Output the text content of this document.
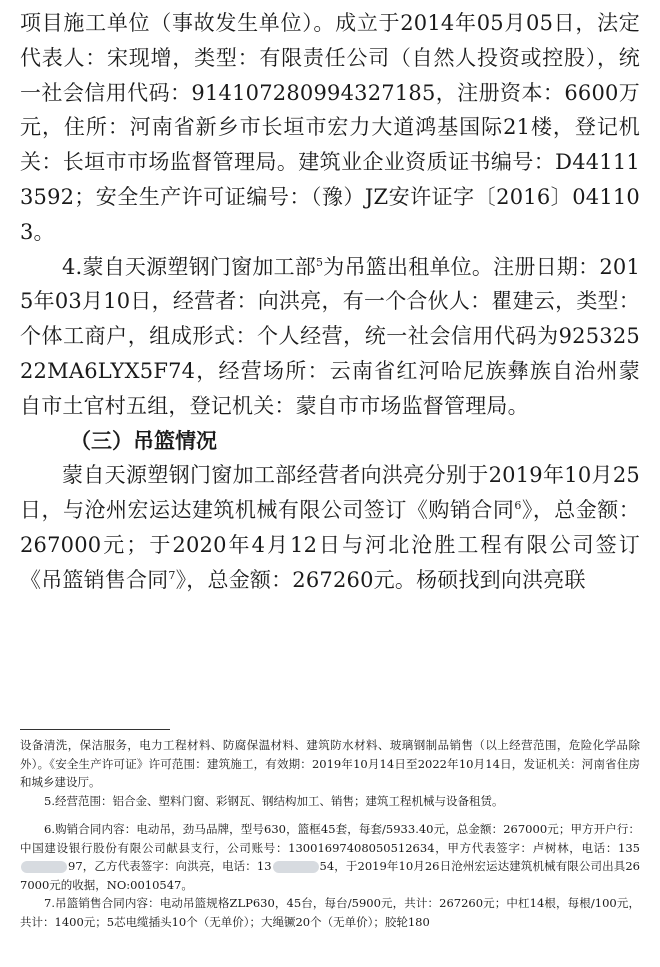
项目施工单位（事故发生单位）。成立于2014年05月05日，法定代表人：宋现增，类型：有限责任公司（自然人投资或控股），统一社会信用代码：914107280994327185，注册资本：6600万元，住所：河南省新乡市长垣市宏力大道鸿基国际21楼，登记机关：长垣市市场监督管理局。建筑业企业资质证书编号：D441113592；安全生产许可证编号：（豫）JZ安许证字〔2016〕041103。

4.蒙自天源塑钢门窗加工部$^5$为吊篮出租单位。注册日期：2015年03月10日，经营者：向洪亮，有一个合伙人：瞿建云，类型：个体工商户，组成形式：个人经营，统一社会信用代码为92532522MA6LYX5F74，经营场所：云南省红河哈尼族彝族自治州蒙自市土官村五组，登记机关：蒙自市市场监督管理局。

（三）吊篮情况

蒙自天源塑钢门窗加工部经营者向洪亮分别于2019年10月25日，与沧州宏运达建筑机械有限公司签订《购销合同$^6$》，总金额：267000元；于2020年4月12日与河北沧胜工程有限公司签订《吊篮销售合同$^7$》，总金额：267260元。杨硕找到向洪亮联

设备清洗，保洁服务，电力工程材料、防腐保温材料、建筑防水材料、玻璃钢制品销售（以上经营范围，危险化学品除外）。《安全生产许可证》许可范围：建筑施工，有效期：2019年10月14日至2022年10月14日，发证机关：河南省住房和城乡建设厅。

5.经营范围：铝合金、塑料门窗、彩钢瓦、钢结构加工、销售；建筑工程机械与设备租赁。

6.购销合同内容：电动吊，劲马品牌，型号630，篮框45套，每套/5933.40元，总金额：267000元；甲方开户行：中国建设银行股份有限公司献县支行，公司账号：13001697408050512634，甲方代表签字：卢树林，电话：13597，乙方代表签字：向洪亮，电话：13	54，于2019年10月26日沧州宏运达建筑机械有限公司出具267000元的收据，NO:0010547。

7.吊篮销售合同内容：电动吊篮规格ZLP630，45台，每台/5900元，共计：267260元；中杠14根，每根/100元，共计：1400元；5芯电缆插头10个（无单价）；大绳镢20个（无单价）；胶轮180
